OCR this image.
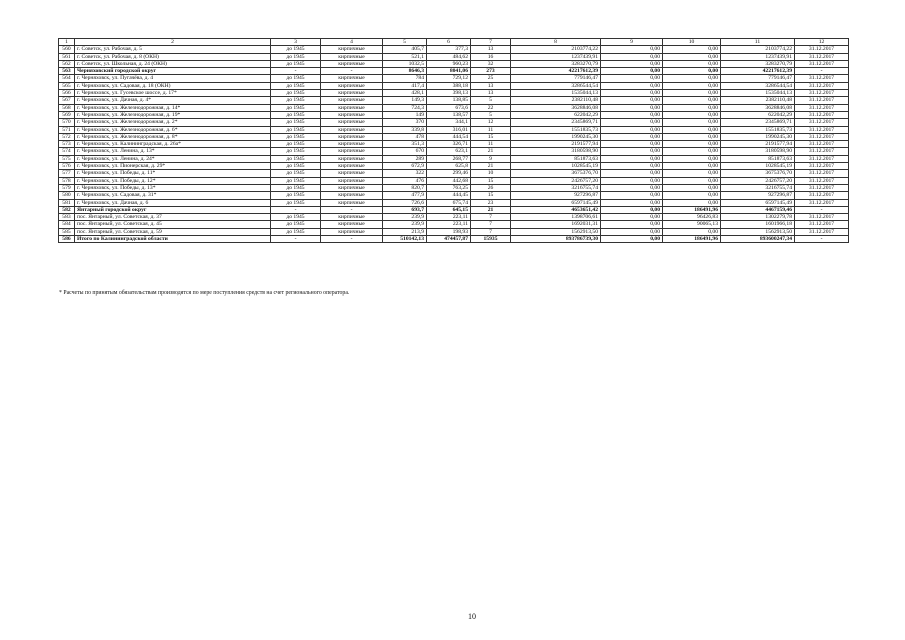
1	2	3	4	5	6	7	8	9	10	11	12
560	г. Советск, ул. Рабочая, д. 5	до 1945	кирпичные	405,7	377,3	13	2103774,22	0,00	0,00	2103774,22	31.12.2017
561	г. Советск, ул. Рабочая, д. 8 (ОКН)	до 1945	кирпичные	521,1	484,62	16	1237439,91	0,00	0,00	1237439,91	31.12.2017
562	г. Советск, ул. Школьная, д. 24 (ОКН)	до 1945	кирпичные	1032,5	960,23	32	3283270,79	0,00	0,00	3283270,79	31.12.2017
563	Черняховский городской округ	-	-	8646,3	8041,06	273	42217612,39	0,00	0,00	42217612,39	-
564	г. Черняховск, ул. Пугачёва, д. 4	до 1945	кирпичные	784	729,12	25	779146,47	0,00	0,00	779146,47	31.12.2017
565	г. Черняховск, ул. Садовая, д. 18 (ОКН)	до 1945	кирпичные	417,4	388,18	13	3286544,54	0,00	0,00	3286544,54	31.12.2017
566	г. Черняховск, ул. Гусевское шоссе, д. 17*	до 1945	кирпичные	428,1	398,13	13	1535044,13	0,00	0,00	1535044,13	31.12.2017
567	г. Черняховск, ул. Дачная, д. 4*	до 1945	кирпичные	149,3	138,85	5	2382110,48	0,00	0,00	2382110,48	31.12.2017
568	г. Черняховск, ул. Железнодорожная, д. 14*	до 1945	кирпичные	724,3	673,6	22	3628846,08	0,00	0,00	3628846,08	31.12.2017
569	г. Черняховск, ул. Железнодорожная, д. 19*	до 1945	кирпичные	149	138,57	5	622042,29	0,00	0,00	622042,29	31.12.2017
570	г. Черняховск, ул. Железнодорожная, д. 2*	до 1945	кирпичные	370	344,1	12	2345869,71	0,00	0,00	2345869,71	31.12.2017
571	г. Черняховск, ул. Железнодорожная, д. 6*	до 1945	кирпичные	339,8	316,01	11	1551835,73	0,00	0,00	1551835,73	31.12.2017
572	г. Черняховск, ул. Железнодорожная, д. 8*	до 1945	кирпичные	478	444,54	15	1990245,30	0,00	0,00	1990245,30	31.12.2017
573	г. Черняховск, ул. Калининградская, д. 26а*	до 1945	кирпичные	351,3	326,71	11	2191577,94	0,00	0,00	2191577,94	31.12.2017
574	г. Черняховск, ул. Ленина, д. 13*	до 1945	кирпичные	670	623,1	21	3180598,90	0,00	0,00	3180598,90	31.12.2017
575	г. Черняховск, ул. Ленина, д. 24*	до 1945	кирпичные	289	268,77	9	851873,63	0,00	0,00	851873,63	31.12.2017
576	г. Черняховск, ул. Пионерская, д. 29*	до 1945	кирпичные	672,9	625,8	21	1028545,19	0,00	0,00	1028545,19	31.12.2017
577	г. Черняховск, ул. Победы, д. 11*	до 1945	кирпичные	322	299,46	10	3675376,70	0,00	0,00	3675376,70	31.12.2017
578	г. Черняховск, ул. Победы, д. 12*	до 1945	кирпичные	476	442,68	15	2426757,20	0,00	0,00	2426757,20	31.12.2017
579	г. Черняховск, ул. Победы, д. 13*	до 1945	кирпичные	820,7	763,25	26	3216755,74	0,00	0,00	3216755,74	31.12.2017
580	г. Черняховск, ул. Садовая, д. 31*	до 1945	кирпичные	477,9	444,45	15	927296,87	0,00	0,00	927296,87	31.12.2017
581	г. Черняховск, ул. Дачная, д. 6	до 1945	кирпичные	726,6	675,74	23	6597145,49	0,00	0,00	6597145,49	31.12.2017
582	Янтарный городской округ	-	-	693,7	645,15	21	4653651,42	0,00	186491,96	4467159,46	-
583	пос. Янтарный, ул. Советская, д. 37	до 1945	кирпичные	239,9	223,11	7	1398706,61	0,00	96426,83	1302279,78	31.12.2017
584	пос. Янтарный, ул. Советская, д. 45	до 1945	кирпичные	239,9	223,11	7	1692031,31	0,00	90065,13	1601966,18	31.12.2017
585	пос. Янтарный, ул. Советская, д. 59	до 1945	кирпичные	213,9	198,93	7	1562913,50	0,00	0,00	1562913,50	31.12.2017
586	Итого по Калининградской области	-	-	510142,13	474457,87	15935	893786739,30	0,00	186491,96	893600247,34	-
* Расчеты по принятым обязательствам производятся по мере поступления средств на счет регионального оператора.
10
